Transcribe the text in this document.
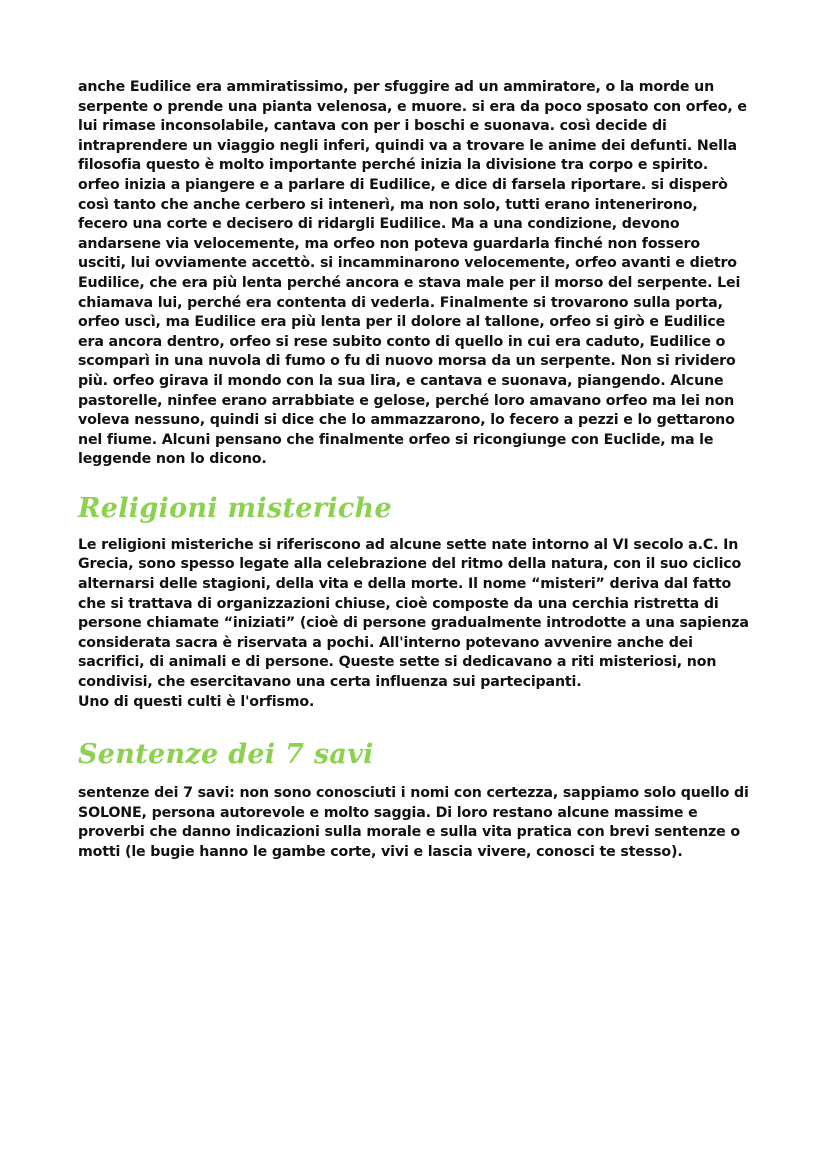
anche Eudilice era ammiratissimo, per sfuggire ad un ammiratore, o la morde un serpente o prende una pianta velenosa, e muore. si era da poco sposato con orfeo, e lui rimase inconsolabile, cantava con per i boschi e suonava. così decide di intraprendere un viaggio negli inferi, quindi va a trovare le anime dei defunti. Nella filosofia questo è molto importante perché inizia la divisione tra corpo e spirito. orfeo inizia a piangere e a parlare di Eudilice, e dice di farsela riportare. si disperò così tanto che anche cerbero si intenerì, ma non solo, tutti erano intenerirono, fecero una corte e decisero di ridargli Eudilice. Ma a una condizione, devono andarsene via velocemente, ma orfeo non poteva guardarla finché non fossero usciti, lui ovviamente accettò. si incamminarono velocemente, orfeo avanti e dietro Eudilice, che era più lenta perché ancora e stava male per il morso del serpente. Lei chiamava lui, perché era contenta di vederla. Finalmente si trovarono sulla porta, orfeo uscì, ma Eudilice era più lenta per il dolore al tallone, orfeo si girò e Eudilice era ancora dentro, orfeo si rese subito conto di quello in cui era caduto, Eudilice o scomparì in una nuvola di fumo o fu di nuovo morsa da un serpente. Non si rividero più. orfeo girava il mondo con la sua lira, e cantava e suonava, piangendo. Alcune pastorelle, ninfee erano arrabbiate e gelose, perché loro amavano orfeo ma lei non voleva nessuno, quindi si dice che lo ammazzarono, lo fecero a pezzi e lo gettarono nel fiume. Alcuni pensano che finalmente orfeo si ricongiunge con Euclide, ma le leggende non lo dicono.

Religioni misteriche

Le religioni misteriche si riferiscono ad alcune sette nate intorno al VI secolo a.C. In Grecia, sono spesso legate alla celebrazione del ritmo della natura, con il suo ciclico alternarsi delle stagioni, della vita e della morte. Il nome “misteri” deriva dal fatto che si trattava di organizzazioni chiuse, cioè composte da una cerchia ristretta di persone chiamate “iniziati” (cioè di persone gradualmente introdotte a una sapienza considerata sacra è riservata a pochi. All'interno potevano avvenire anche dei sacrifici, di animali e di persone. Queste sette si dedicavano a riti misteriosi, non condivisi, che esercitavano una certa influenza sui partecipanti.

Uno di questi culti è l'orfismo.

Sentenze dei 7 savi

sentenze dei 7 savi: non sono conosciuti i nomi con certezza, sappiamo solo quello di SOLONE, persona autorevole e molto saggia. Di loro restano alcune massime e proverbi che danno indicazioni sulla morale e sulla vita pratica con brevi sentenze o motti (le bugie hanno le gambe corte, vivi e lascia vivere, conosci te stesso).
